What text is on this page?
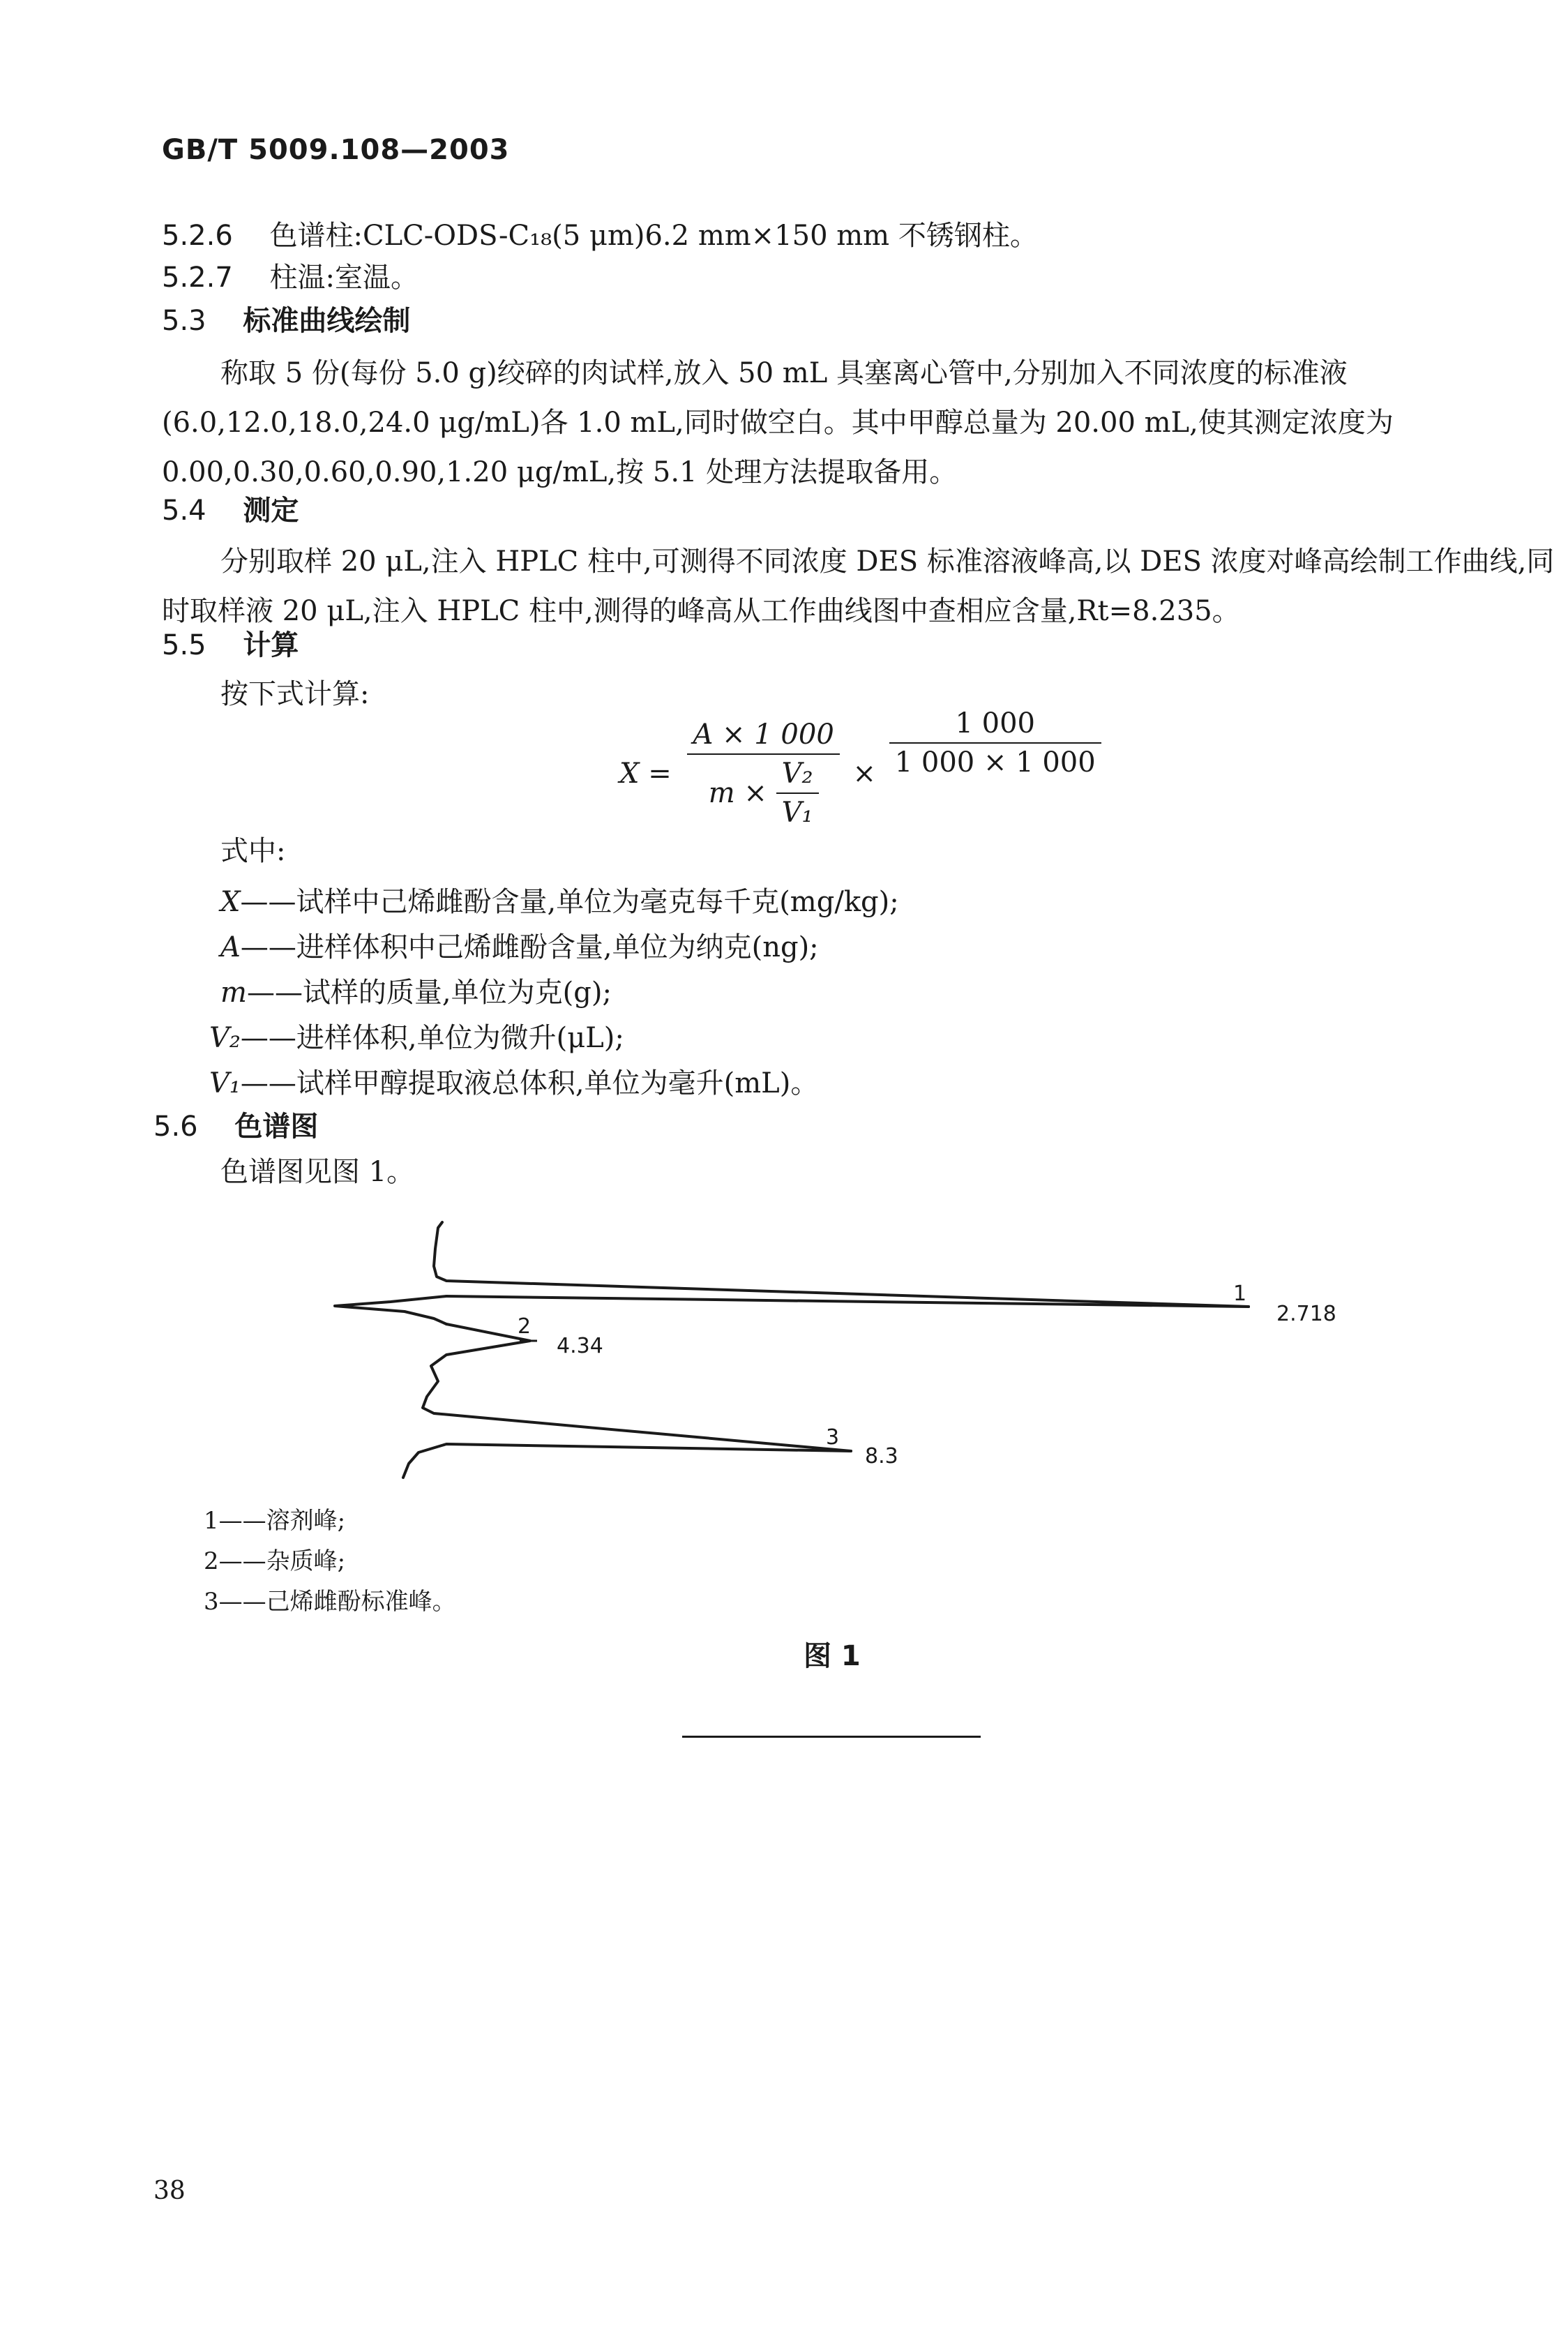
GB/T 5009.108—2003
5.2.6 色谱柱:CLC-ODS-C₁₈(5 μm)6.2 mm×150 mm 不锈钢柱。
5.2.7 柱温:室温。
5.3 标准曲线绘制
称取 5 份(每份 5.0 g)绞碎的肉试样,放入 50 mL 具塞离心管中,分别加入不同浓度的标准液(6.0,12.0,18.0,24.0 μg/mL)各 1.0 mL,同时做空白。其中甲醇总量为 20.00 mL,使其测定浓度为 0.00,0.30,0.60,0.90,1.20 μg/mL,按 5.1 处理方法提取备用。
5.4 测定
分别取样 20 μL,注入 HPLC 柱中,可测得不同浓度 DES 标准溶液峰高,以 DES 浓度对峰高绘制工作曲线,同时取样液 20 μL,注入 HPLC 柱中,测得的峰高从工作曲线图中查相应含量,Rt=8.235。
5.5 计算
按下式计算:
$X = \frac{A \times 1 000}{m \times \frac{\text{V₂}}{\text{V₁}}} \times \frac{1 000}{1 000 \times 1 000}$
式中:
X——试样中己烯雌酚含量,单位为毫克每千克(mg/kg);
A——进样体积中己烯雌酚含量,单位为纳克(ng);
m——试样的质量,单位为克(g);
V₂——进样体积,单位为微升(μL);
V₁——试样甲醇提取液总体积,单位为毫升(mL)。
5.6 色谱图
色谱图见图 1。
1
2.718
2
4.34
3
8.3
1——溶剂峰;
2——杂质峰;
3——己烯雌酚标准峰。
图 1
38
